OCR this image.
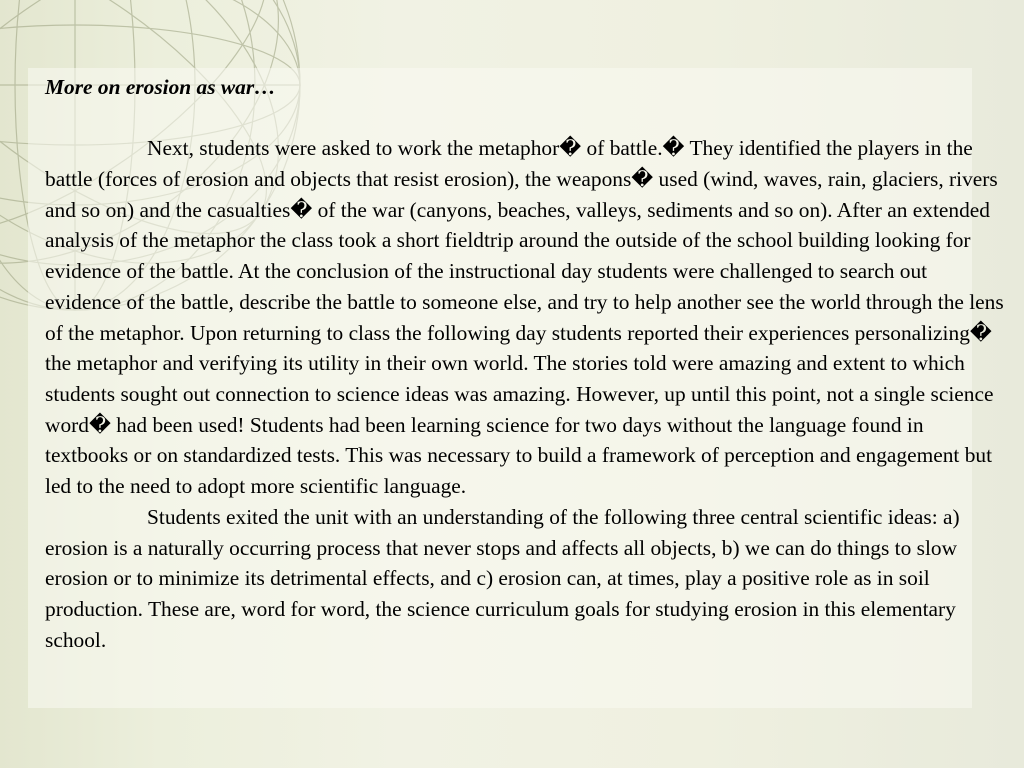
More on erosion as war…

Next, students were asked to work the metaphor� of battle.� They identified the players in the battle (forces of erosion and objects that resist erosion), the weapons� used (wind, waves, rain, glaciers, rivers and so on) and the casualties� of the war (canyons, beaches, valleys, sediments and so on). After an extended analysis of the metaphor the class took a short fieldtrip around the outside of the school building looking for evidence of the battle. At the conclusion of the instructional day students were challenged to search out evidence of the battle, describe the battle to someone else, and try to help another see the world through the lens of the metaphor. Upon returning to class the following day students reported their experiences personalizing� the metaphor and verifying its utility in their own world. The stories told were amazing and extent to which students sought out connection to science ideas was amazing. However, up until this point, not a single science word� had been used! Students had been learning science for two days without the language found in textbooks or on standardized tests. This was necessary to build a framework of perception and engagement but led to the need to adopt more scientific language.

Students exited the unit with an understanding of the following three central scientific ideas: a) erosion is a naturally occurring process that never stops and affects all objects, b) we can do things to slow erosion or to minimize its detrimental effects, and c) erosion can, at times, play a positive role as in soil production. These are, word for word, the science curriculum goals for studying erosion in this elementary school.
